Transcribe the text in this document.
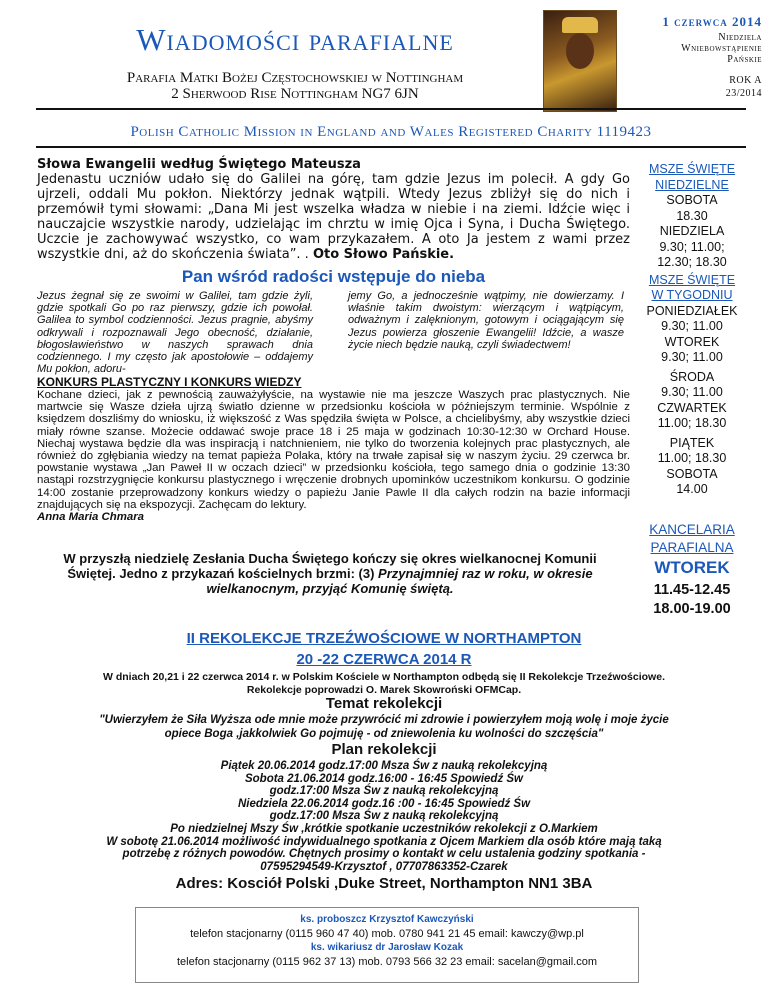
Wiadomości parafialne
Parafia Matki Bożej Częstochowskiej w Nottingham
2 Sherwood Rise Nottingham NG7 6JN
1 czerwca 2014
Niedziela
Wniebowstąpienie
Pańskie
ROK A
23/2014
Polish Catholic Mission in England and Wales Registered Charity 1119423
Słowa Ewangelii według Świętego Mateusza
Jedenastu uczniów udało się do Galilei na górę, tam gdzie Jezus im polecił. A gdy Go ujrzeli, oddali Mu pokłon. Niektórzy jednak wątpili. Wtedy Jezus zbliżył się do nich i przemówił tymi słowami: „Dana Mi jest wszelka władza w niebie i na ziemi. Idźcie więc i nauczajcie wszystkie narody, udzielając im chrztu w imię Ojca i Syna, i Ducha Świętego. Uczcie je zachowywać wszystko, co wam przykazałem. A oto Ja jestem z wami przez wszystkie dni, aż do skończenia świata”. . Oto Słowo Pańskie.
Pan wśród radości wstępuje do nieba
Jezus żegnał się ze swoimi w Galilei, tam gdzie żyli, gdzie spotkali Go po raz pierwszy, gdzie ich powołał. Galilea to symbol codzienności. Jezus pragnie, abyśmy odkrywali i rozpoznawali Jego obecność, działanie, błogosławieństwo w naszych sprawach dnia codziennego. I my często jak apostołowie – oddajemy Mu pokłon, adoru-
jemy Go, a jednocześnie wątpimy, nie dowierzamy. I właśnie takim dwoistym: wierzącym i wątpiącym, odważnym i zalęknionym, gotowym i ociągającym się Jezus powierza głoszenie Ewangelii! Idźcie, a wasze życie niech będzie nauką, czyli świadectwem!
KONKURS PLASTYCZNY I KONKURS WIEDZY
Kochane dzieci, jak z pewnością zauważyłyście, na wystawie nie ma jeszcze Waszych prac plastycznych. Nie martwcie się Wasze dzieła ujrzą światło dzienne w przedsionku kościoła w późniejszym terminie. Wspólnie z księdzem doszliśmy do wniosku, iż większość z Was spędziła święta w Polsce, a chcielibyśmy, aby wszystkie dzieci miały równe szanse. Możecie oddawać swoje prace 18 i 25 maja w godzinach 10:30-12:30 w Orchard House. Niechaj wystawa będzie dla was inspiracją i natchnieniem, nie tylko do tworzenia kolejnych prac plastycznych, ale również do zgłębiania wiedzy na temat papieża Polaka, który na trwałe zapisał się w naszym życiu. 29 czerwca br. powstanie wystawa „Jan Paweł II w oczach dzieci” w przedsionku kościoła, tego samego dnia o godzinie 13:30 nastąpi rozstrzygnięcie konkursu plastycznego i wręczenie drobnych upominków uczestnikom konkursu. O godzinie 14:00 zostanie przeprowadzony konkurs wiedzy o papieżu Janie Pawle II dla całych rodzin na bazie informacji znajdujących się na ekspozycji. Zachęcam do lektury.
Anna Maria Chmara
W przyszłą niedzielę Zesłania Ducha Świętego kończy się okres wielkanocnej Komunii Świętej. Jedno z przykazań kościelnych brzmi: (3) Przynajmniej raz w roku, w okresie wielkanocnym, przyjąć Komunię świętą.
MSZE ŚWIĘTE
NIEDZIELNE
SOBOTA
18.30
NIEDZIELA
9.30; 11.00;
12.30; 18.30
MSZE ŚWIĘTE
W TYGODNIU
PONIEDZIAŁEK
9.30; 11.00
WTOREK
9.30; 11.00
ŚRODA
9.30; 11.00
CZWARTEK
11.00; 18.30
PIĄTEK
11.00; 18.30
SOBOTA
14.00
KANCELARIA
PARAFIALNA
WTOREK
11.45-12.45
18.00-19.00
II REKOLEKCJE TRZEŹWOŚCIOWE W NORTHAMPTON
20 -22 CZERWCA 2014 R
W dniach 20,21 i 22 czerwca 2014 r. w Polskim Kościele w Northampton odbędą się II Rekolekcje Trzeźwościowe.
Rekolekcje poprowadzi O. Marek Skowroński OFMCap.
Temat rekolekcji
"Uwierzyłem że Siła Wyższa ode mnie może przywrócić mi zdrowie i powierzyłem moją wolę i moje życie
opiece Boga ,jakkolwiek Go pojmuję - od zniewolenia ku wolności do szczęścia"
Plan rekolekcji
Piątek 20.06.2014 godz.17:00 Msza Św z nauką rekolekcyjną
Sobota 21.06.2014 godz.16:00 - 16:45 Spowiedź Św
godz.17:00 Msza Św z nauką rekolekcyjną
Niedziela 22.06.2014 godz.16 :00 - 16:45 Spowiedź Św
godz.17:00 Msza Św z nauką rekolekcyjną
Po niedzielnej Mszy Św ,krótkie spotkanie uczestników rekolekcji z O.Markiem
W sobotę 21.06.2014 możliwość indywidualnego spotkania z Ojcem Markiem dla osób które mają taką
potrzebę z różnych powodów. Chętnych prosimy o kontakt w celu ustalenia godziny spotkania -
07595294549-Krzysztof , 07707863352-Czarek
Adres: Kosciół Polski ,Duke Street, Northampton NN1 3BA
ks. proboszcz Krzysztof Kawczyński
telefon stacjonarny (0115 960 47 40) mob. 0780 941 21 45 email: kawczy@wp.pl
ks. wikariusz dr Jarosław Kozak
telefon stacjonarny (0115 962 37 13) mob. 0793 566 32 23 email: sacelan@gmail.com
